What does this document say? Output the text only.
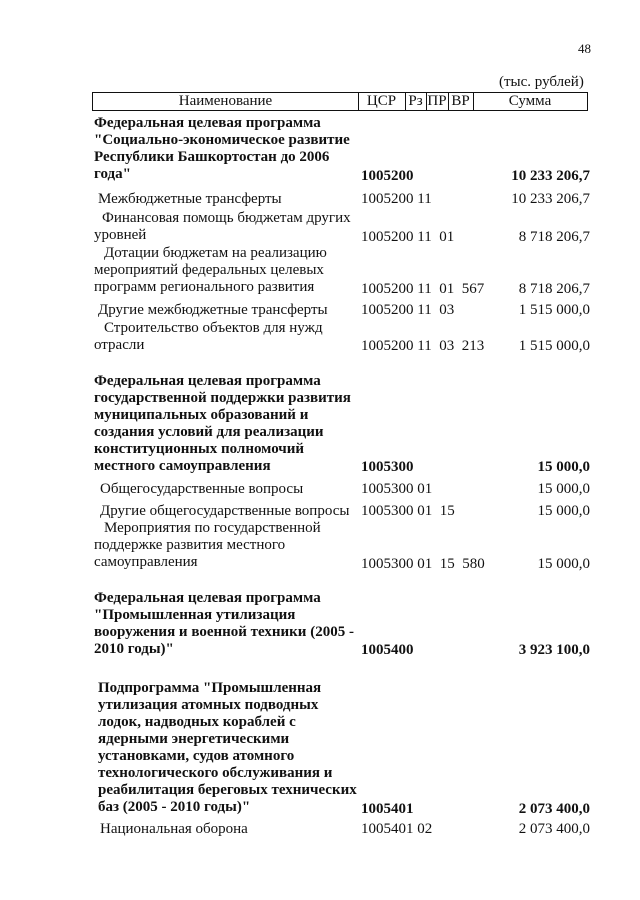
48
(тыс. рублей)
Наименование	ЦСР Рз ПР ВР	Сумма
Федеральная целевая программа "Социально-экономическое развитие Республики Башкортостан до 2006 года"	1005200	10 233 206,7
Межбюджетные трансферты	1005200 11	10 233 206,7
Финансовая помощь бюджетам других уровней	1005200 11  01	8 718 206,7
Дотации бюджетам на реализацию мероприятий федеральных целевых программ регионального развития	1005200 11  01  567	8 718 206,7
Другие межбюджетные трансферты	1005200 11  03	1 515 000,0
Строительство объектов для нужд отрасли	1005200 11  03  213	1 515 000,0
Федеральная целевая программа государственной поддержки развития муниципальных образований и создания условий для реализации конституционных полномочий местного самоуправления	1005300	15 000,0
Общегосударственные вопросы	1005300 01	15 000,0
Другие общегосударственные вопросы 1005300 01  15	15 000,0
Мероприятия по государственной поддержке развития местного самоуправления	1005300 01  15  580	15 000,0
Федеральная целевая программа "Промышленная утилизация вооружения и военной техники (2005 - 2010 годы)"	1005400	3 923 100,0
Подпрограмма "Промышленная утилизация атомных подводных лодок, надводных кораблей с ядерными энергетическими установками, судов атомного технологического обслуживания и реабилитация береговых технических баз (2005 - 2010 годы)"	1005401	2 073 400,0
Национальная оборона	1005401 02	2 073 400,0
